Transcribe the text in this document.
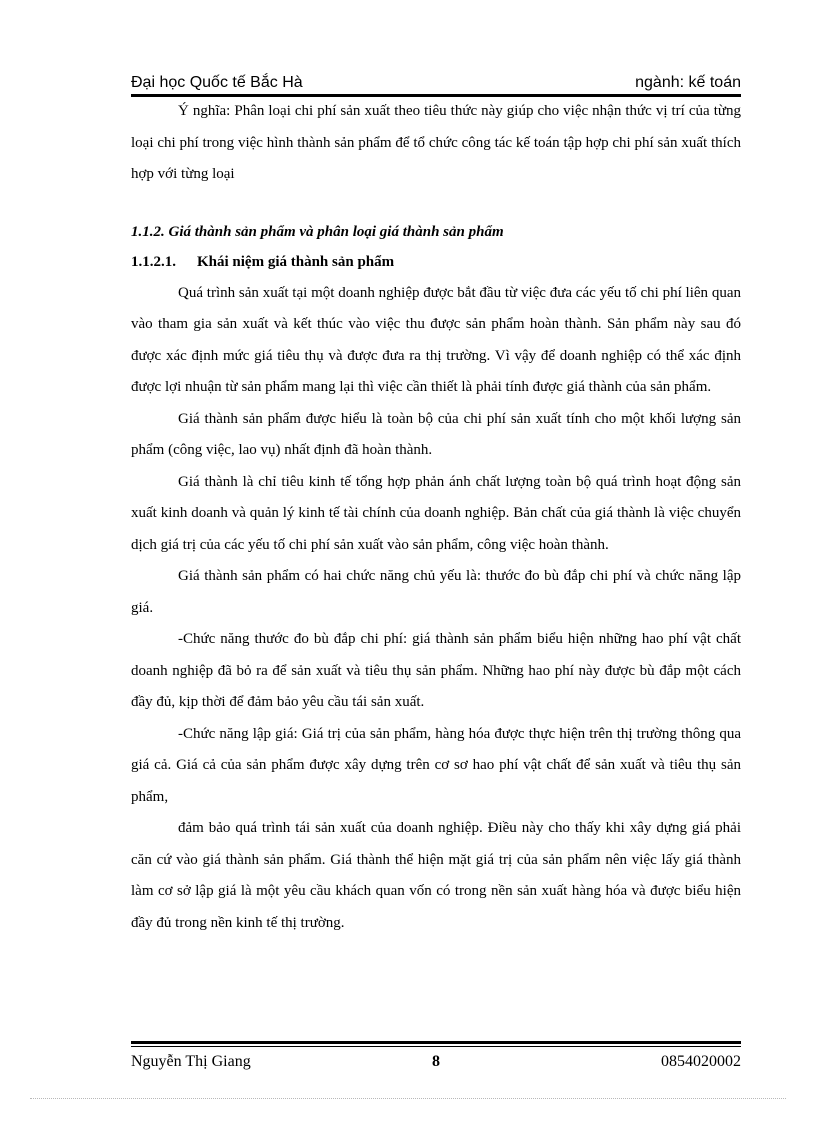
Đại học Quốc tế Bắc Hà	ngành: kế toán

Ý nghĩa: Phân loại chi phí sản xuất theo tiêu thức này giúp cho việc nhận thức vị trí của từng loại chi phí trong việc hình thành sản phẩm để tổ chức công tác kế toán tập hợp chi phí sản xuất thích hợp với từng loại

1.1.2. Giá thành sản phẩm và phân loại giá thành sản phẩm
1.1.2.1. Khái niệm giá thành sản phẩm

Quá trình sản xuất tại một doanh nghiệp được bắt đầu từ việc đưa các yếu tố chi phí liên quan vào tham gia sản xuất và kết thúc vào việc thu được sản phẩm hoàn thành. Sản phẩm này sau đó được xác định mức giá tiêu thụ và được đưa ra thị trường. Vì vậy để doanh nghiệp có thể xác định được lợi nhuận từ sản phẩm mang lại thì việc cần thiết là phải tính được giá thành của sản phẩm.

Giá thành sản phẩm được hiểu là toàn bộ của chi phí sản xuất tính cho một khối lượng sản phẩm (công việc, lao vụ) nhất định đã hoàn thành.

Giá thành là chỉ tiêu kinh tế tổng hợp phản ánh chất lượng toàn bộ quá trình hoạt động sản xuất kinh doanh và quản lý kinh tế tài chính của doanh nghiệp. Bản chất của giá thành là việc chuyển dịch giá trị của các yếu tố chi phí sản xuất vào sản phẩm, công việc hoàn thành.

Giá thành sản phẩm có hai chức năng chủ yếu là: thước đo bù đắp chi phí và chức năng lập giá.

-Chức năng thước đo bù đắp chi phí: giá thành sản phẩm biểu hiện những hao phí vật chất doanh nghiệp đã bỏ ra để sản xuất và tiêu thụ sản phẩm. Những hao phí này được bù đắp một cách đầy đủ, kịp thời để đảm bảo yêu cầu tái sản xuất.

-Chức năng lập giá: Giá trị của sản phẩm, hàng hóa được thực hiện trên thị trường thông qua giá cả. Giá cả của sản phẩm được xây dựng trên cơ sơ hao phí vật chất để sản xuất và tiêu thụ sản phẩm,

đảm bảo quá trình tái sản xuất của doanh nghiệp. Điều này cho thấy khi xây dựng giá phải căn cứ vào giá thành sản phẩm. Giá thành thể hiện mặt giá trị của sản phẩm nên việc lấy giá thành làm cơ sở lập giá là một yêu cầu khách quan vốn có trong nền sản xuất hàng hóa và được biểu hiện đầy đủ trong nền kinh tế thị trường.

Nguyễn Thị Giang	8	0854020002
